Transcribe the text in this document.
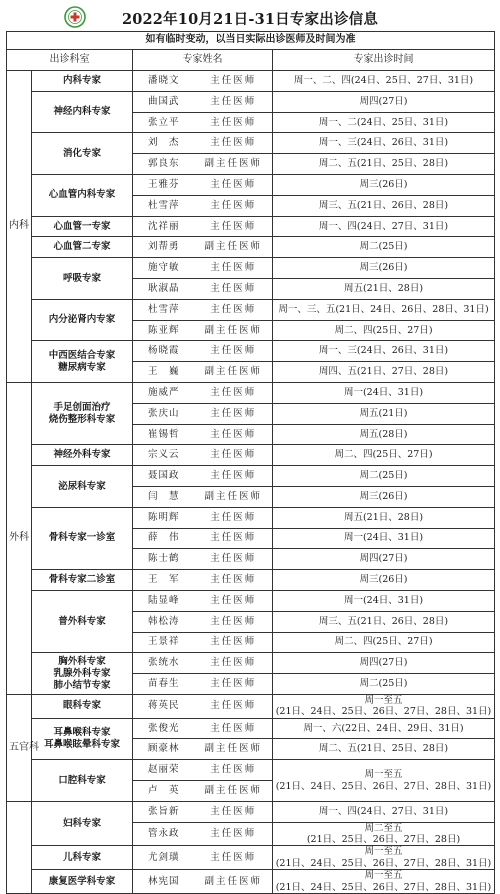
2022年10月21日-31日专家出诊信息
如有临时变动，以当日实际出诊医师及时间为准				
出诊科室		专家姓名		专家出诊时间
内科	内科专家	潘晓文	主任医师	周一、二、四(24日、25日、27日、31日)

	神经内科专家	曲国武	主任医师	周四(27日)

		张立平	主任医师	周一、二(24日、25日、31日)

	消化专家	刘　杰	主任医师	周一、三(24日、26日、31日)

		郭良东	副主任医师	周二、五(21日、25日、28日)

	心血管内科专家	王雅芬	主任医师	周三(26日)

		杜雪萍	主任医师	周三、五(21日、26日、28日)

	心血管一专家	沈祥丽	主任医师	周一、四(24日、27日、31日)

	心血管二专家	刘帮勇	副主任医师	周二(25日)

	呼吸专家	施守敏	主任医师	周三(26日)

		耿淑晶	主任医师	周五(21日、28日)

	内分泌肾内专家	杜雪萍	主任医师	周一、三、五(21日、24日、26日、28日、31日)

		陈亚辉	副主任医师	周二、四(25日、27日)

	中西医结合专家
糖尿病专家	杨晓霞	主任医师	周一、三(24日、26日、31日)

		王　巍	副主任医师	周四、五(21日、27日、28日)

外科	手足创面治疗
烧伤整形科专家	施威严	主任医师	周一(24日、31日)

		张庆山	主任医师	周五(21日)

		崔锡哲	主任医师	周五(28日)

	神经外科专家	宗义云	主任医师	周二、四(25日、27日)

	泌尿科专家	聂国政	主任医师	周二(25日)

		闫　慧	副主任医师	周三(26日)

	骨科专家一诊室	陈明辉	主任医师	周五(21日、28日)

		薛　伟	主任医师	周一(24日、31日)

		陈士鹤	主任医师	周四(27日)

	骨科专家二诊室	王　军	主任医师	周三(26日)

	普外科专家	陆显峰	主任医师	周一(24日、31日)

		韩松涛	主任医师	周三、五(21日、26日、28日)

		王景祥	主任医师	周二、四(25日、27日)

	胸外科专家
乳腺外科专家
肺小结节专家	张统水	主任医师	周四(27日)

		苗春生	主任医师	周二(25日)

五官科	眼科专家	蒋英民	主任医师	周一至五
(21日、24日、25日、26日、27日、28日、31日)

	耳鼻喉科专家
耳鼻喉眩晕科专家	张俊光	主任医师	周一、六(22日、24日、29日、31日)

		顾豪林	副主任医师	周二、五(21日、25日、28日)

	口腔科专家	赵丽荣	主任医师	周一至五
(21日、24日、25日、26日、27日、28日、31日)

		卢　英	副主任医师	

	妇科专家	张旨新	主任医师	周一、四(24日、27日、31日)

		管永政	主任医师	周二至五
(21日、25日、26日、27日、28日)

	儿科专家	尤剑璜	主任医师	周一至五
(21日、24日、25日、26日、27日、28日、31日)

	康复医学科专家	林宪国	副主任医师	周一至五
(21日、24日、25日、26日、27日、28日、31日)
